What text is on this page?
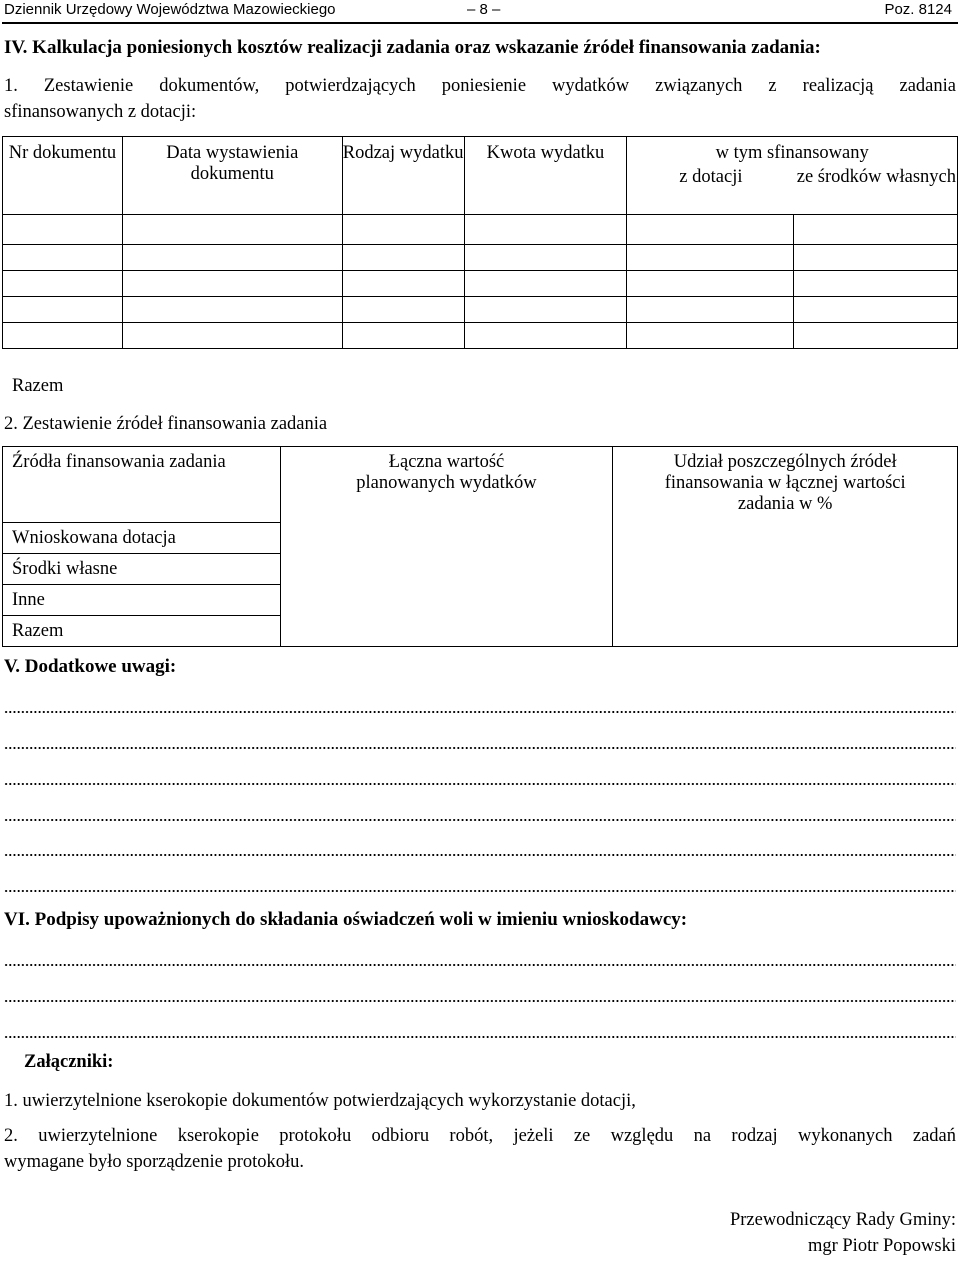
Dziennik Urzędowy Województwa Mazowieckiego	– 8 –	Poz. 8124
IV. Kalkulacja poniesionych kosztów realizacji zadania oraz wskazanie źródeł finansowania zadania:
1. Zestawienie dokumentów, potwierdzających poniesienie wydatków związanych z realizacją zadania
sfinansowanych z dotacji:
Nr dokumentu	Data wystawienia dokumentu	Rodzaj wydatku	Kwota wydatku	w tym sfinansowany
z dotacji ze środków własnych	

Razem
2. Zestawienie źródeł finansowania zadania
Źródła finansowania zadania	Łączna wartość planowanych wydatków	Udział poszczególnych źródeł finansowania w łącznej wartości zadania w %
Wnioskowana dotacja
Środki własne
Inne
Razem
V. Dodatkowe uwagi:
VI. Podpisy upoważnionych do składania oświadczeń woli w imieniu wnioskodawcy:
Załączniki:
1. uwierzytelnione kserokopie dokumentów potwierdzających wykorzystanie dotacji,
2. uwierzytelnione kserokopie protokołu odbioru robót, jeżeli ze względu na rodzaj wykonanych zadań
wymagane było sporządzenie protokołu.
Przewodniczący Rady Gminy:
mgr Piotr Popowski
